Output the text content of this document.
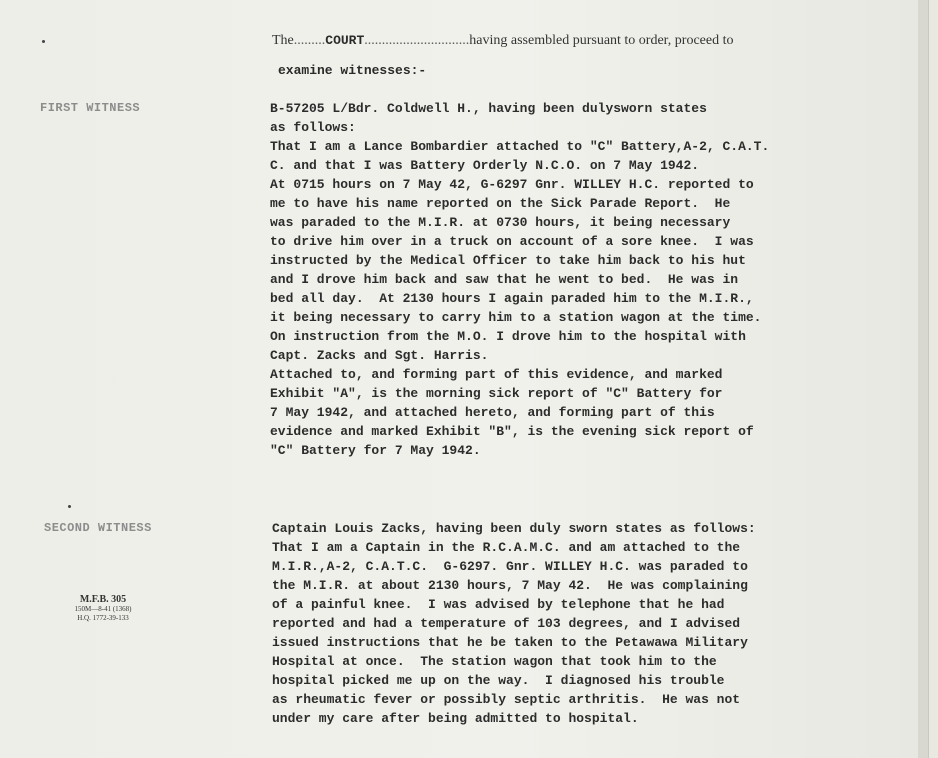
The.........COURT..............................having assembled pursuant to order, proceed to
examine witnesses:-
FIRST WITNESS	B-57205 L/Bdr. Coldwell H., having been dulysworn states
as follows:
That I am a Lance Bombardier attached to "C" Battery,A-2, C.A.T.
C. and that I was Battery Orderly N.C.O. on 7 May 1942.
At 0715 hours on 7 May 42, G-6297 Gnr. WILLEY H.C. reported to
me to have his name reported on the Sick Parade Report.  He
was paraded to the M.I.R. at 0730 hours, it being necessary
to drive him over in a truck on account of a sore knee.  I was
instructed by the Medical Officer to take him back to his hut
and I drove him back and saw that he went to bed.  He was in
bed all day.  At 2130 hours I again paraded him to the M.I.R.,
it being necessary to carry him to a station wagon at the time.
On instruction from the M.O. I drove him to the hospital with
Capt. Zacks and Sgt. Harris.
Attached to, and forming part of this evidence, and marked
Exhibit "A", is the morning sick report of "C" Battery for
7 May 1942, and attached hereto, and forming part of this
evidence and marked Exhibit "B", is the evening sick report of
"C" Battery for 7 May 1942.
SECOND WITNESS	Captain Louis Zacks, having been duly sworn states as follows:
That I am a Captain in the R.C.A.M.C. and am attached to the
M.I.R.,A-2, C.A.T.C.  G-6297. Gnr. WILLEY H.C. was paraded to
the M.I.R. at about 2130 hours, 7 May 42.  He was complaining
of a painful knee.  I was advised by telephone that he had
reported and had a temperature of 103 degrees, and I advised
issued instructions that he be taken to the Petawawa Military
Hospital at once.  The station wagon that took him to the
hospital picked me up on the way.  I diagnosed his trouble
as rheumatic fever or possibly septic arthritis.  He was not
under my care after being admitted to hospital.
M.F.B. 305
150M—8-41 (1368)
H.Q. 1772-39-133
